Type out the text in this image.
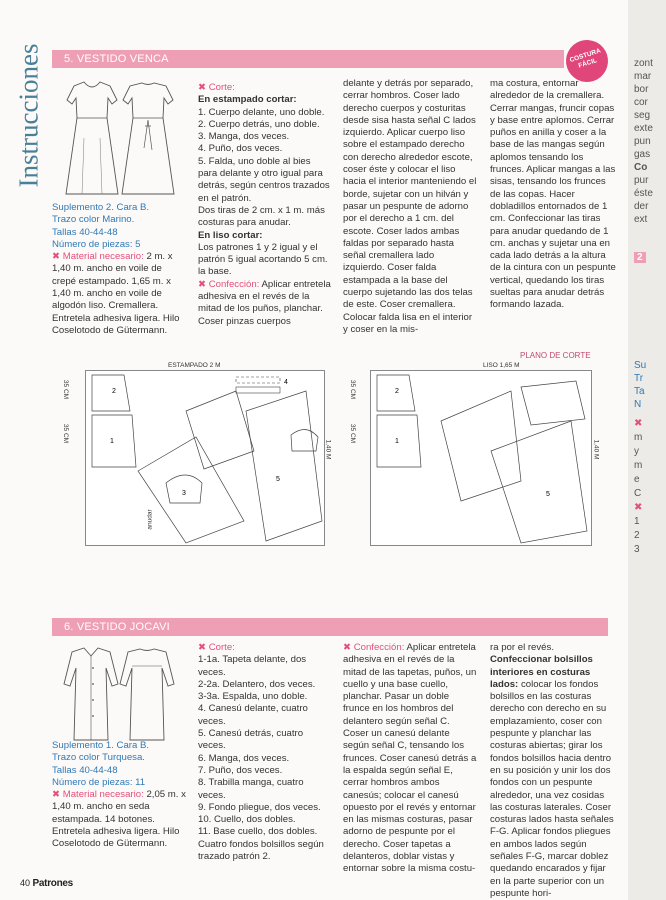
Instrucciones	5. VESTIDO VENCA	COSTURA FÁCIL

Suplemento 2. Cara B.

Trazo color Marino.

Tallas 40-44-48

Número de piezas: 5

✖ Material necesario: 2 m. x 1,40 m. ancho en voile de crepé estampado. 1,65 m. x 1,40 m. ancho en voile de algodón liso. Cremallera. Entretela adhesiva ligera. Hilo Coselotodo de Gütermann.

✖ Corte:

En estampado cortar:

1. Cuerpo delante, uno doble.

2. Cuerpo detrás, uno doble.

3. Manga, dos veces.

4. Puño, dos veces.

5. Falda, uno doble al bies para delante y otro igual para detrás, según centros trazados en el patrón.

Dos tiras de 2 cm. x 1 m. más costuras para anudar.

En liso cortar:

Los patrones 1 y 2 igual y el patrón 5 igual acortando 5 cm. la base.

✖ Confección: Aplicar entretela adhesiva en el revés de la mitad de los puños, planchar. Coser pinzas cuerpos

delante y detrás por separado, cerrar hombros. Coser lado derecho cuerpos y costuritas desde sisa hasta señal C lados izquierdo. Aplicar cuerpo liso sobre el estampado derecho con derecho alrededor escote, coser éste y colocar el liso hacia el interior manteniendo el borde, sujetar con un hilván y pasar un pespunte de adorno por el derecho a 1 cm. del escote. Coser lados ambas faldas por separado hasta señal cremallera lado izquierdo. Coser falda estampada a la base del cuerpo sujetando las dos telas de este. Coser cremallera. Colocar falda lisa en el interior y coser en la mis-

ma costura, entornar alrededor de la cremallera. Cerrar mangas, fruncir copas y base entre aplomos. Cerrar puños en anilla y coser a la base de las mangas según aplomos tensando los frunces. Aplicar mangas a las sisas, tensando los frunces de las copas. Hacer dobladillos entornados de 1 cm. Confeccionar las tiras para anudar quedando de 1 cm. anchas y sujetar una en cada lado detrás a la altura de la cintura con un pespunte vertical, quedando los tiras sueltas para anudar detrás formando lazada.

PLANO DE CORTE
ESTAMPADO 2 M
2
1
3
4
5
35 CM
35 CM
1,40 M
anudar
LISO 1,65 M
2
1
5
35 CM
35 CM
1,40 M
6. VESTIDO JOCAVI

Suplemento 1. Cara B.

Trazo color Turquesa.

Tallas 40-44-48

Número de piezas: 11

✖ Material necesario: 2,05 m. x 1,40 m. ancho en seda estampada. 14 botones. Entretela adhesiva ligera. Hilo Coselotodo de Gütermann.

✖ Corte:

1-1a. Tapeta delante, dos veces.

2-2a. Delantero, dos veces.

3-3a. Espalda, uno doble.

4. Canesú delante, cuatro veces.

5. Canesú detrás, cuatro veces.

6. Manga, dos veces.

7. Puño, dos veces.

8. Trabilla manga, cuatro veces.

9. Fondo pliegue, dos veces.

10. Cuello, dos dobles.

11. Base cuello, dos dobles.

Cuatro fondos bolsillos según trazado patrón 2.

✖ Confección: Aplicar entretela adhesiva en el revés de la mitad de las tapetas, puños, un cuello y una base cuello, planchar. Pasar un doble frunce en los hombros del delantero según señal C. Coser un canesú delante según señal C, tensando los frunces. Coser canesú detrás a la espalda según señal E, cerrar hombros ambos canesús; colocar el canesú opuesto por el revés y entornar en las mismas costuras, pasar adorno de pespunte por el derecho. Coser tapetas a delanteros, doblar vistas y entornar sobre la misma costu-

ra por el revés. Confeccionar bolsillos interiores en costuras lados: colocar los fondos bolsillos en las costuras derecho con derecho en su emplazamiento, coser con pespunte y planchar las costuras abiertas; girar los fondos bolsillos hacia dentro en su posición y unir los dos fondos con un pespunte alrededor, una vez cosidas las costuras laterales. Coser costuras lados hasta señales F-G. Aplicar fondos pliegues en ambos lados según señales F-G, marcar doblez quedando encarados y fijar en la parte superior con un pespunte hori-

40 Patrones
zont
mar
bor
cor
seg
exte
pun
gas
Co
pur
éste
der
ext
2
Su
Tr
Ta
N
✖
m
y
m
e
C
✖
1
2
3
